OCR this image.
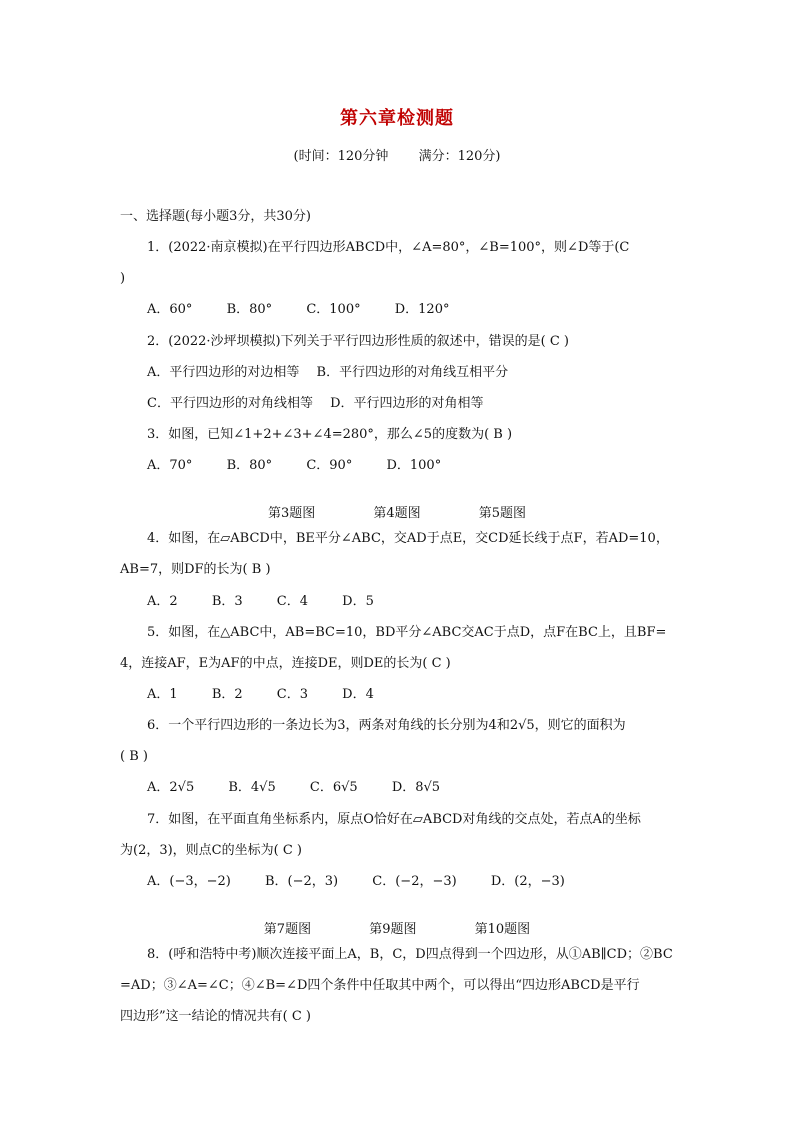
第六章检测题
(时间：120分钟 满分：120分)
一、选择题(每小题3分，共30分)
1．(2022·南京模拟)在平行四边形ABCD中，∠A=80°，∠B=100°，则∠D等于(C
)
A．60°	B．80°	C．100°	D．120°
2．(2022·沙坪坝模拟)下列关于平行四边形性质的叙述中，错误的是( C )
A．平行四边形的对边相等　 B．平行四边形的对角线互相平分
C．平行四边形的对角线相等　 D．平行四边形的对角相等
3．如图，已知∠1+2+∠3+∠4=280°，那么∠5的度数为( B )
A．70°	B．80°	C．90°	D．100°
第3题图	第4题图	第5题图
4．如图，在▱ABCD中，BE平分∠ABC，交AD于点E，交CD延长线于点F，若AD=10，
AB=7，则DF的长为( B )
A．2	B．3	C．4	D．5
5．如图，在△ABC中，AB=BC=10，BD平分∠ABC交AC于点D，点F在BC上，且BF=
4，连接AF，E为AF的中点，连接DE，则DE的长为( C )
A．1	B．2	C．3	D．4
6．一个平行四边形的一条边长为3，两条对角线的长分别为4和2√5，则它的面积为
( B )
A．2√5	B．4√5	C．6√5	D．8√5
7．如图，在平面直角坐标系内，原点O恰好在▱ABCD对角线的交点处，若点A的坐标
为(2，3)，则点C的坐标为( C )
A．(−3，−2)	B．(−2，3)	C．(−2，−3)	D．(2，−3)
第7题图	第9题图	第10题图
8．(呼和浩特中考)顺次连接平面上A，B，C，D四点得到一个四边形，从①AB∥CD；②BC
=AD；③∠A=∠C；④∠B=∠D四个条件中任取其中两个，可以得出“四边形ABCD是平行
四边形”这一结论的情况共有( C )
